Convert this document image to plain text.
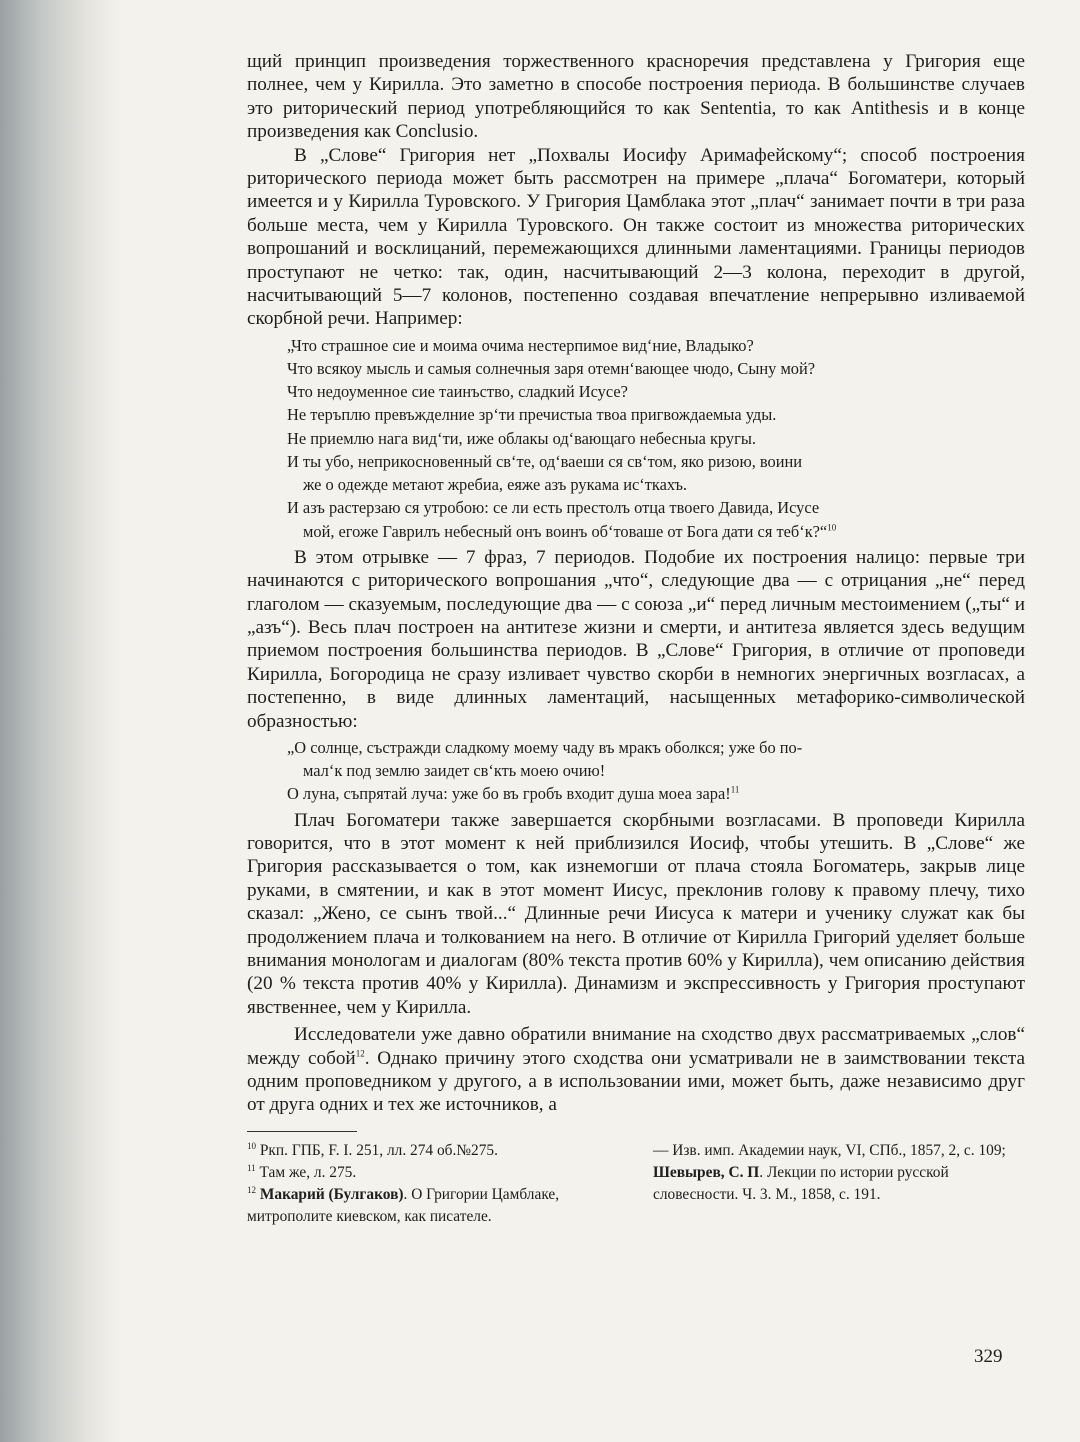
щий принцип произведения торжественного красноречия представлена у Григория еще полнее, чем у Кирилла. Это заметно в способе построения периода. В большинстве случаев это риторический период употребляющийся то как Sententia, то как Antithesis и в конце произведения как Conclusio.

В „Слове“ Григория нет „Похвалы Иосифу Аримафейскому“; способ построения риторического периода может быть рассмотрен на примере „плача“ Богоматери, который имеется и у Кирилла Туровского. У Григория Цамблака этот „плач“ занимает почти в три раза больше места, чем у Кирилла Туровского. Он также состоит из множества риторических вопрошаний и восклицаний, перемежающихся длинными ламентациями. Границы периодов проступают не четко: так, один, насчитывающий 2—3 колона, переходит в другой, насчитывающий 5—7 колонов, постепенно создавая впечатление непрерывно изливаемой скорбной речи. Например:

„Что страшное сие и моима очима нестерпимое вид‘ние, Владыко?
Что всякоу мысль и самыя солнечныя заря отемн‘вающее чюдо, Сыну мой?
Что недоуменное сие таинъство, сладкий Исусе?
Не теръплю превъжделние зр‘ти пречистыа твоа пригвождаемыа уды.
Не приемлю нага вид‘ти, иже облакы од‘вающаго небесныа кругы.
И ты убо, неприкосновенный св‘те, од‘ваеши ся св‘том, яко ризою, воини
же о одежде метают жребиа, еяже азъ рукама ис‘ткахъ.
И азъ растерзаю ся утробою: се ли есть престолъ отца твоего Давида, Исусе
мой, егоже Гаврилъ небесный онъ воинъ об‘товаше от Бога дати ся теб‘к?“$^{10}$

В этом отрывке — 7 фраз, 7 периодов. Подобие их построения налицо: первые три начинаются с риторического вопрошания „что“, следующие два — с отрицания „не“ перед глаголом — сказуемым, последующие два — с союза „и“ перед личным местоимением („ты“ и „азъ“). Весь плач построен на антитезе жизни и смерти, и антитеза является здесь ведущим приемом построения большинства периодов. В „Слове“ Григория, в отличие от проповеди Кирилла, Богородица не сразу изливает чувство скорби в немногих энергичных возгласах, а постепенно, в виде длинных ламентаций, насыщенных метафорико-символической образностью:

„О солнце, състражди сладкому моему чаду въ мракъ оболкся; уже бо по-
мал‘к под землю заидет св‘кть моею очию!
О луна, съпрятай луча: уже бо въ гробъ входит душа моеа зара!$^{11}$

Плач Богоматери также завершается скорбными возгласами. В проповеди Кирилла говорится, что в этот момент к ней приблизился Иосиф, чтобы утешить. В „Слове“ же Григория рассказывается о том, как изнемогши от плача стояла Богоматерь, закрыв лице руками, в смятении, и как в этот момент Иисус, преклонив голову к правому плечу, тихо сказал: „Жено, се сынъ твой...“ Длинные речи Иисуса к матери и ученику служат как бы продолжением плача и толкованием на него. В отличие от Кирилла Григорий уделяет больше внимания монологам и диалогам (80% текста против 60% у Кирилла), чем описанию действия (20 % текста против 40% у Кирилла). Динамизм и экспрессивность у Григория проступают явственнее, чем у Кирилла.

Исследователи уже давно обратили внимание на сходство двух рассматриваемых „слов“ между собой$^{12}$. Однако причину этого сходства они усматривали не в заимствовании текста одним проповедником у другого, а в использовании ими, может быть, даже независимо друг от друга одних и тех же источников, а

$^{10}$ Ркп. ГПБ, F. I. 251, лл. 274 об.№275.
$^{11}$ Там же, л. 275.
$^{12}$ Макарий (Булгаков). О Григории Цамблаке, митрополите киевском, как писателе.
— Изв. имп. Академии наук, VI, СПб., 1857, 2, с. 109; Шевырев, С. П. Лекции по истории русской словесности. Ч. 3. М., 1858, с. 191.
329
